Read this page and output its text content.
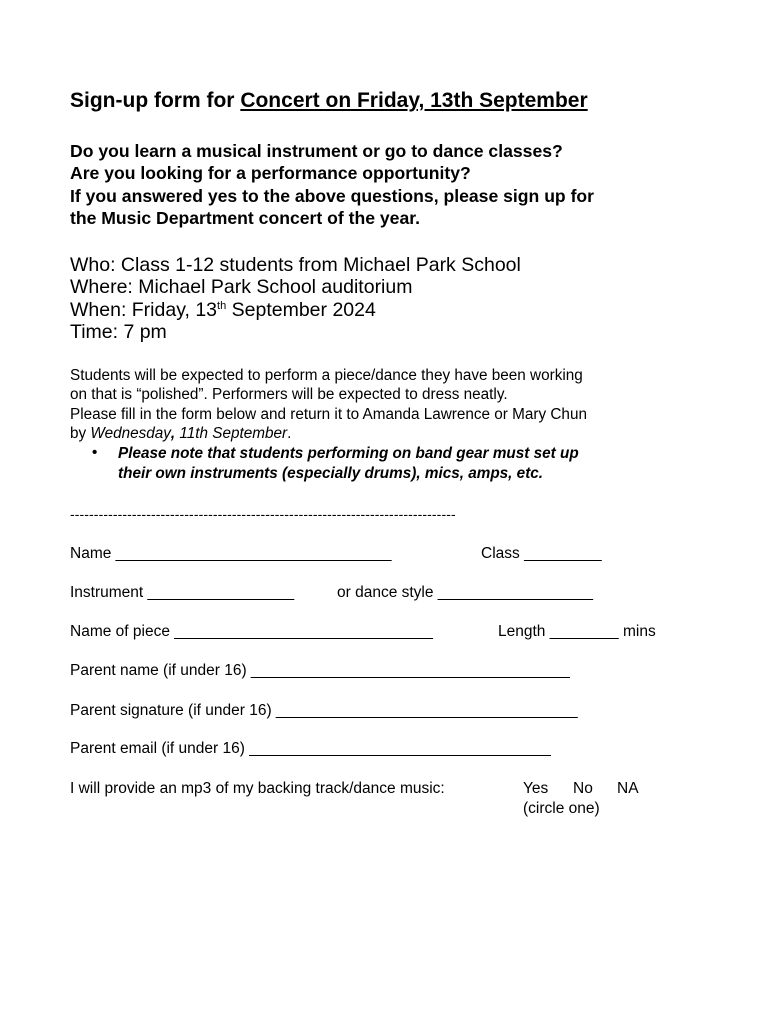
Sign-up form for Concert on Friday, 13th September
Do you learn a musical instrument or go to dance classes?
Are you looking for a performance opportunity?
If you answered yes to the above questions, please sign up for
the Music Department concert of the year.
Who: Class 1-12 students from Michael Park School
Where: Michael Park School auditorium
When: Friday, 13th September 2024
Time: 7 pm
Students will be expected to perform a piece/dance they have been working
on that is “polished”. Performers will be expected to dress neatly.
Please fill in the form below and return it to Amanda Lawrence or Mary Chun
by Wednesday, 11th September.
• Please note that students performing on band gear must set up
their own instruments (especially drums), mics, amps, etc.
---------------------------------------------------------------------------------
Name ________________________________	Class _________
Instrument _________________	or dance style __________________
Name of piece ______________________________	Length ________ mins
Parent name (if under 16) _____________________________________
Parent signature (if under 16) ___________________________________
Parent email (if under 16) ___________________________________
I will provide an mp3 of my backing track/dance music:	Yes No NA
(circle one)
